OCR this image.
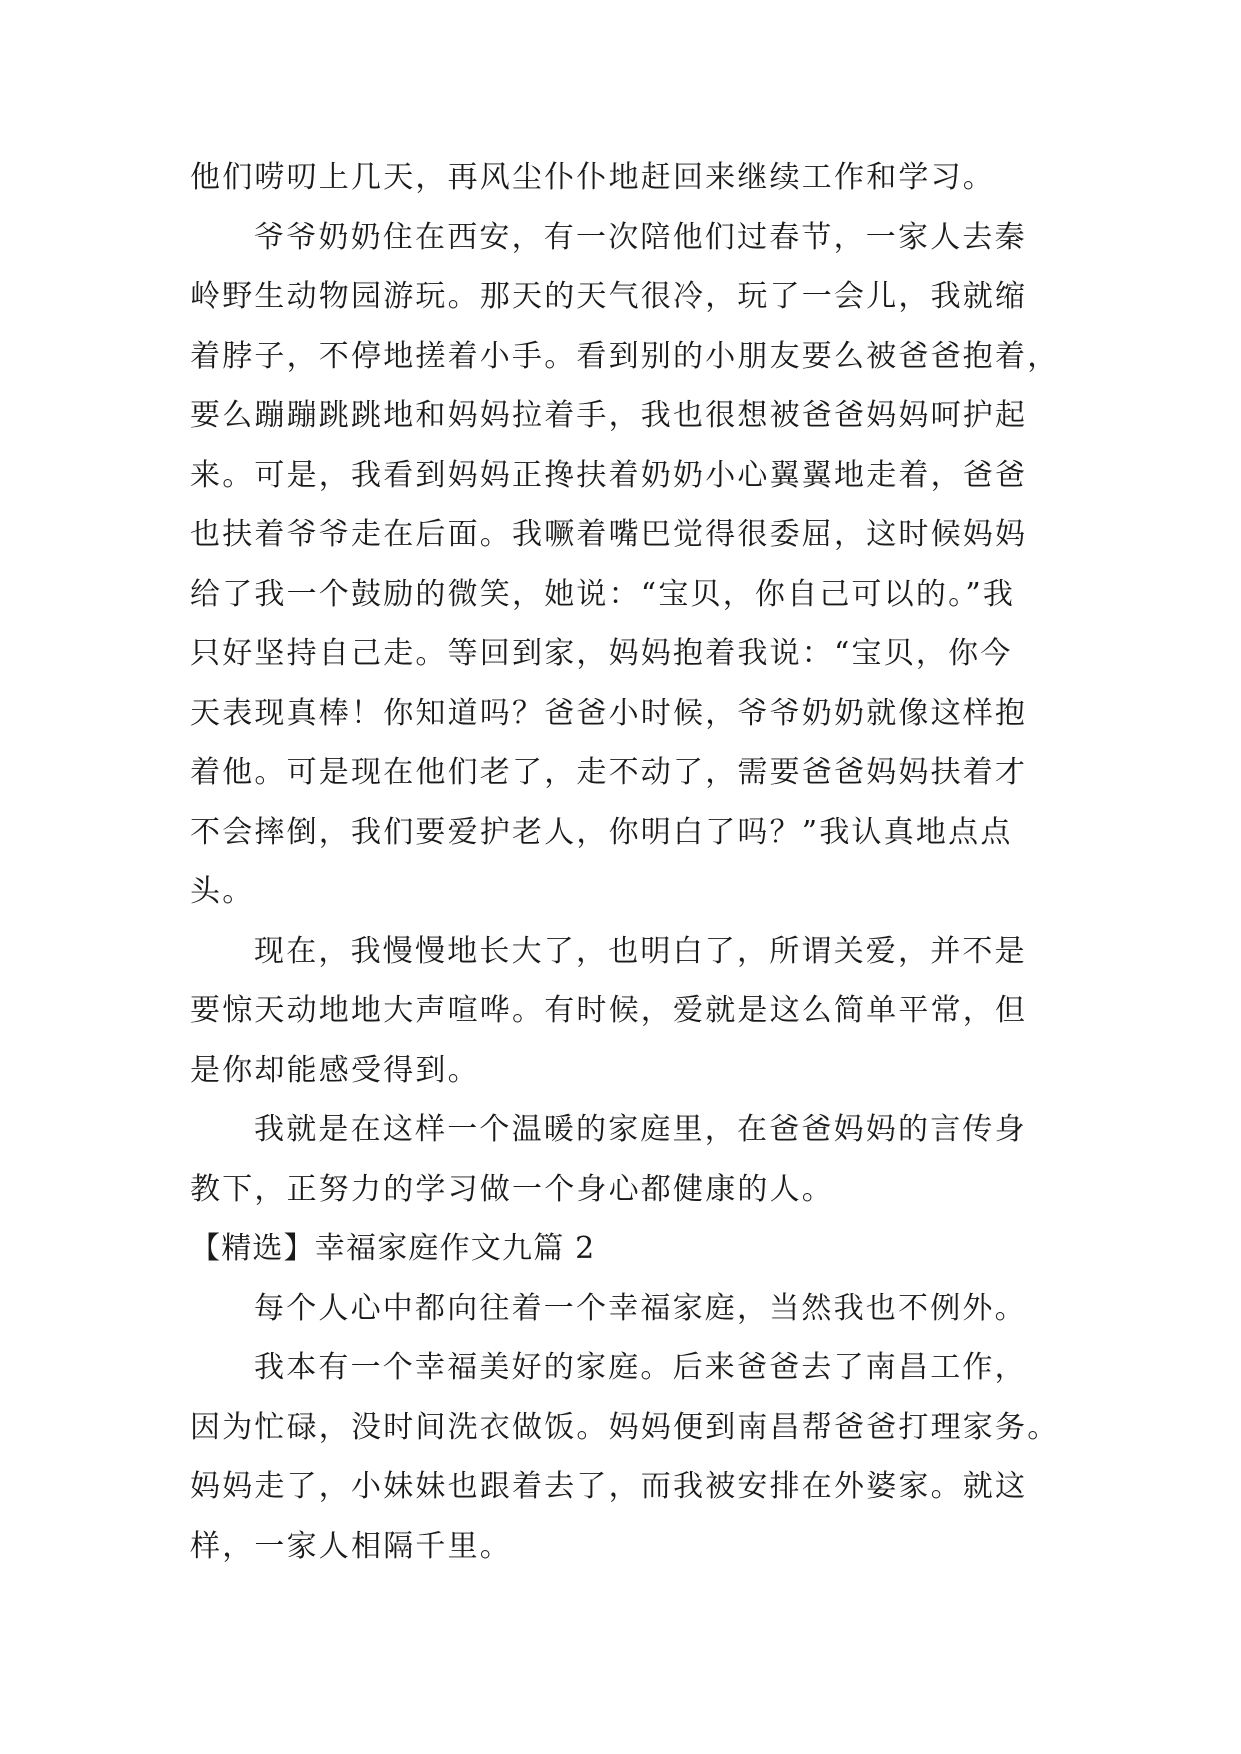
他们唠叨上几天，再风尘仆仆地赶回来继续工作和学习。

爷爷奶奶住在西安，有一次陪他们过春节，一家人去秦
岭野生动物园游玩。那天的天气很冷，玩了一会儿，我就缩
着脖子，不停地搓着小手。看到别的小朋友要么被爸爸抱着，
要么蹦蹦跳跳地和妈妈拉着手，我也很想被爸爸妈妈呵护起
来。可是，我看到妈妈正搀扶着奶奶小心翼翼地走着，爸爸
也扶着爷爷走在后面。我噘着嘴巴觉得很委屈，这时候妈妈
给了我一个鼓励的微笑，她说：“宝贝，你自己可以的。”我
只好坚持自己走。等回到家，妈妈抱着我说：“宝贝，你今
天表现真棒！你知道吗？爸爸小时候，爷爷奶奶就像这样抱
着他。可是现在他们老了，走不动了，需要爸爸妈妈扶着才
不会摔倒，我们要爱护老人，你明白了吗？”我认真地点点
头。

现在，我慢慢地长大了，也明白了，所谓关爱，并不是
要惊天动地地大声喧哗。有时候，爱就是这么简单平常，但
是你却能感受得到。

我就是在这样一个温暖的家庭里，在爸爸妈妈的言传身
教下，正努力的学习做一个身心都健康的人。

【精选】幸福家庭作文九篇 2

每个人心中都向往着一个幸福家庭，当然我也不例外。

我本有一个幸福美好的家庭。后来爸爸去了南昌工作，
因为忙碌，没时间洗衣做饭。妈妈便到南昌帮爸爸打理家务。
妈妈走了，小妹妹也跟着去了，而我被安排在外婆家。就这
样，一家人相隔千里。
